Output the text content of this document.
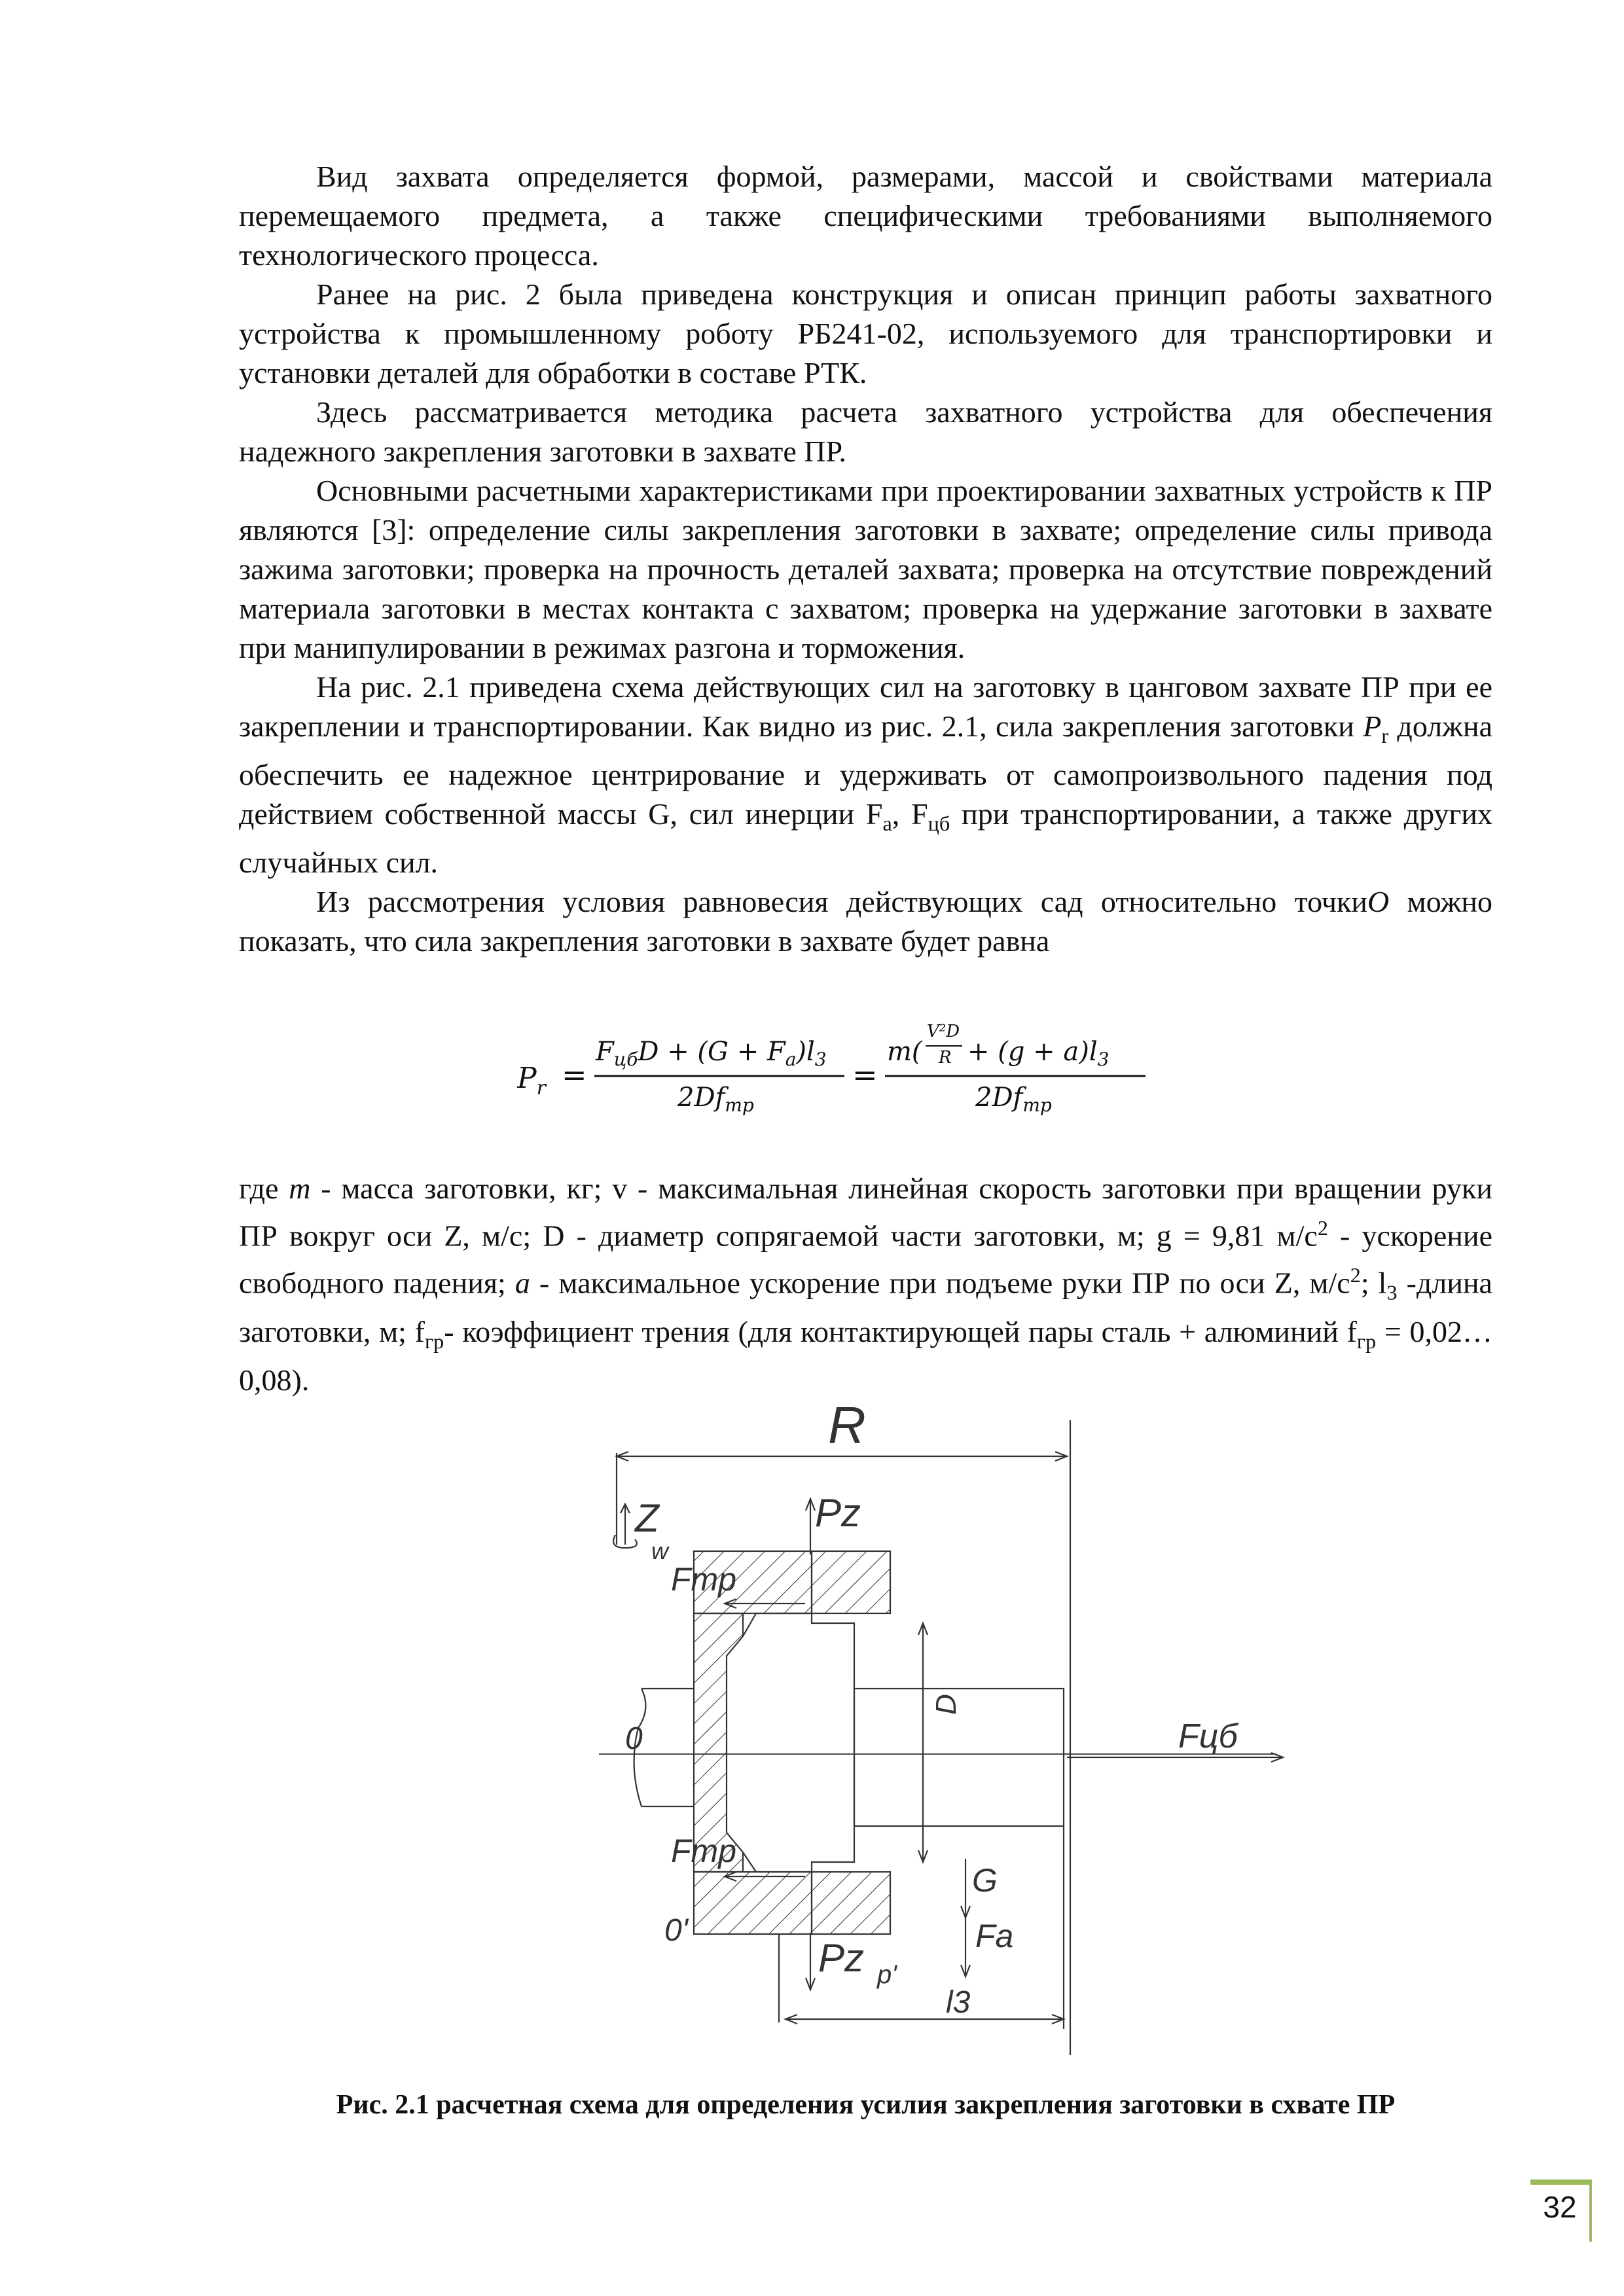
Вид захвата определяется формой, размерами, массой и свойствами материала перемещаемого предмета, а также специфическими требованиями выполняемого технологического процесса.

Ранее на рис. 2 была приведена конструкция и описан принцип работы захватного устройства к промышленному роботу РБ241-02, используемого для транспортировки и установки деталей для обработки в составе РТК.

Здесь рассматривается методика расчета захватного устройства для обеспечения надежного закрепления заготовки в захвате ПР.

Основными расчетными характеристиками при проектировании захватных устройств к ПР являются [3]: определение силы закрепления заготовки в захвате; определение силы привода зажима заготовки; проверка на прочность деталей захвата; проверка на отсутствие повреждений материала заготовки в местах контакта с захватом; проверка на удержание заготовки в захвате при манипулировании в режимах разгона и торможения.

На рис. 2.1 приведена схема действующих сил на заготовку в цанговом захвате ПР при ее закреплении и транспортировании. Как видно из рис. 2.1, сила закрепления заготовки $P_r$ должна обеспечить ее надежное центрирование и удерживать от самопроизвольного падения под действием собственной массы G, сил инерции $F_a$, $F_{цб}$ при транспортировании, а также других случайных сил.

Из рассмотрения условия равновесия действующих сад относительно точкиO можно показать, что сила закрепления заготовки в захвате будет равна

$P_r$ =
$F_{цб}D + (G + F_a)l_3$
$2Df_{тр}$
=
m(
V²D
$R + (g + a)l_3$
$2Df_{тр}$

где m - масса заготовки, кг; v - максимальная линейная скорость заготовки при вращении руки ПР вокруг оси Z, м/с; D - диаметр сопрягаемой части заготовки, м; g = 9,81 $м/с^2$ - ускорение свободного падения; a - максимальное ускорение при подъеме руки ПР по оси Z, $м/с^2$; $l_3$ -длина заготовки, м; $f_{гр}-$ коэффициент трения (для контактирующей пары сталь + алюминий $f_{гр}$ = 0,02…0,08).

R
Z
w
Pz
Fmp
D
0	Fцб
Fmp
G
0'	Fa
Pz p'
l3
Рис. 2.1 расчетная схема для определения усилия закрепления заготовки в схвате ПР
32
